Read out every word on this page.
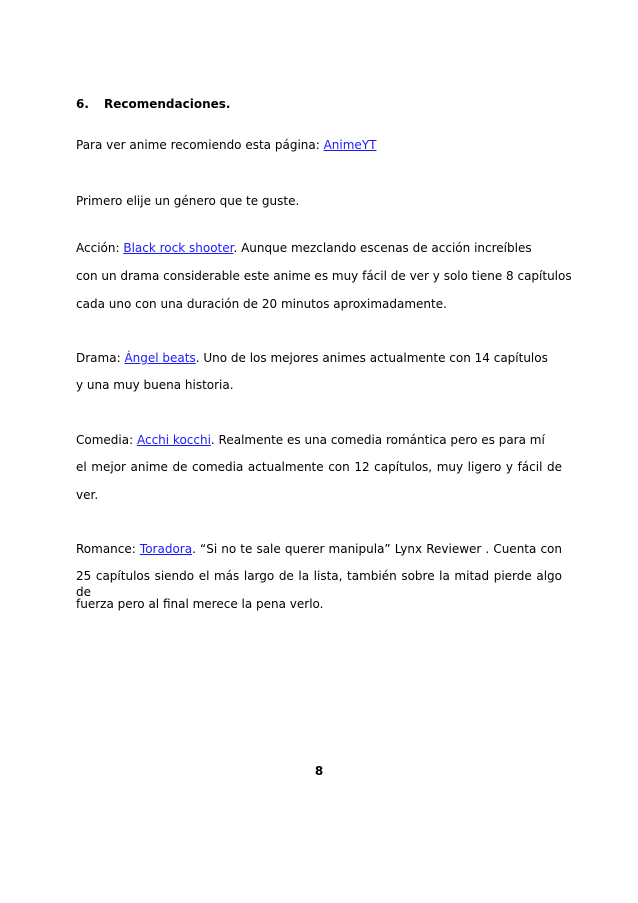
6. Recomendaciones.
Para ver anime recomiendo esta página: AnimeYT
Primero elije un género que te guste.
Acción: Black rock shooter. Aunque mezclando escenas de acción increíbles
con un drama considerable este anime es muy fácil de ver y solo tiene 8 capítulos
cada uno con una duración de 20 minutos aproximadamente.
Drama: Ángel beats. Uno de los mejores animes actualmente con 14 capítulos
y una muy buena historia.
Comedia: Acchi kocchi. Realmente es una comedia romántica pero es para mí
el mejor anime de comedia actualmente con 12 capítulos, muy ligero y fácil de
ver.
Romance: Toradora. “Si no te sale querer manipula” Lynx Reviewer . Cuenta con
25 capítulos siendo el más largo de la lista, también sobre la mitad pierde algo de
fuerza pero al final merece la pena verlo.
8
